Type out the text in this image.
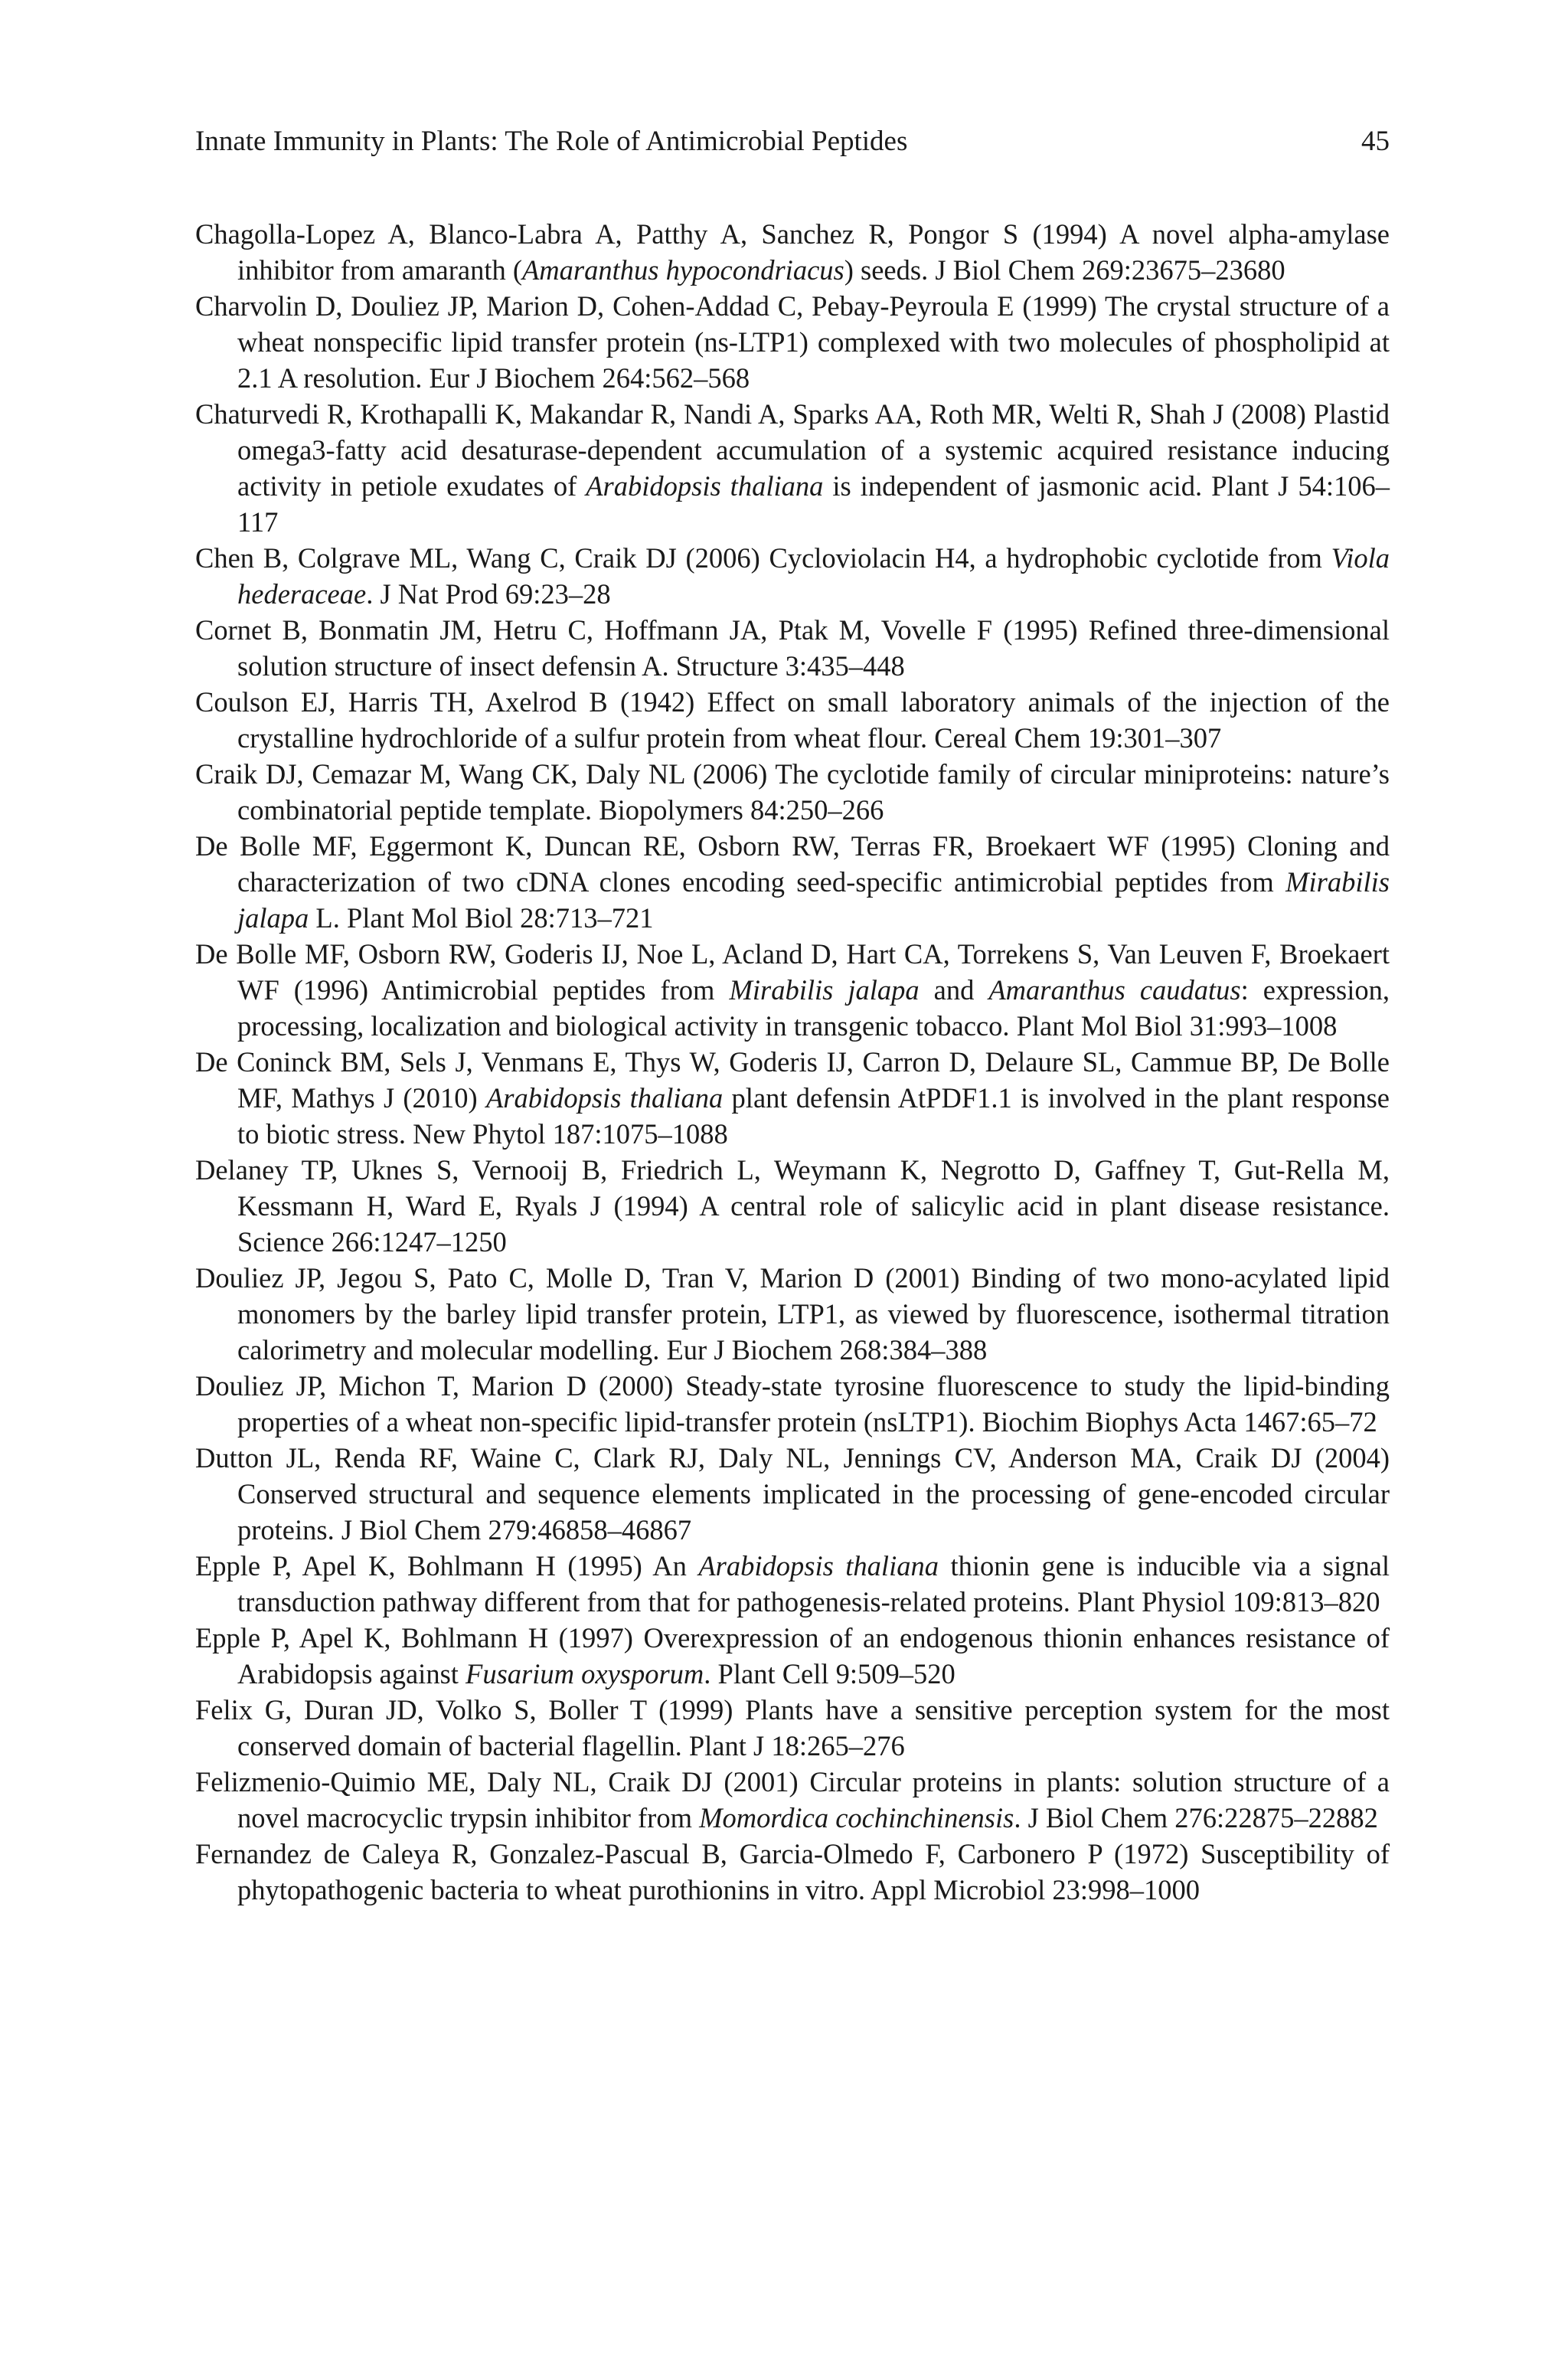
Innate Immunity in Plants: The Role of Antimicrobial Peptides	45
Chagolla-Lopez A, Blanco-Labra A, Patthy A, Sanchez R, Pongor S (1994) A novel alpha-amylase inhibitor from amaranth (Amaranthus hypocondriacus) seeds. J Biol Chem 269:23675–23680
Charvolin D, Douliez JP, Marion D, Cohen-Addad C, Pebay-Peyroula E (1999) The crystal structure of a wheat nonspecific lipid transfer protein (ns-LTP1) complexed with two molecules of phospholipid at 2.1 A resolution. Eur J Biochem 264:562–568
Chaturvedi R, Krothapalli K, Makandar R, Nandi A, Sparks AA, Roth MR, Welti R, Shah J (2008) Plastid omega3-fatty acid desaturase-dependent accumulation of a systemic acquired resistance inducing activity in petiole exudates of Arabidopsis thaliana is independent of jasmonic acid. Plant J 54:106–117
Chen B, Colgrave ML, Wang C, Craik DJ (2006) Cycloviolacin H4, a hydrophobic cyclotide from Viola hederaceae. J Nat Prod 69:23–28
Cornet B, Bonmatin JM, Hetru C, Hoffmann JA, Ptak M, Vovelle F (1995) Refined three-dimensional solution structure of insect defensin A. Structure 3:435–448
Coulson EJ, Harris TH, Axelrod B (1942) Effect on small laboratory animals of the injection of the crystalline hydrochloride of a sulfur protein from wheat flour. Cereal Chem 19:301–307
Craik DJ, Cemazar M, Wang CK, Daly NL (2006) The cyclotide family of circular miniproteins: nature’s combinatorial peptide template. Biopolymers 84:250–266
De Bolle MF, Eggermont K, Duncan RE, Osborn RW, Terras FR, Broekaert WF (1995) Cloning and characterization of two cDNA clones encoding seed-specific antimicrobial peptides from Mirabilis jalapa L. Plant Mol Biol 28:713–721
De Bolle MF, Osborn RW, Goderis IJ, Noe L, Acland D, Hart CA, Torrekens S, Van Leuven F, Broekaert WF (1996) Antimicrobial peptides from Mirabilis jalapa and Amaranthus caudatus: expression, processing, localization and biological activity in transgenic tobacco. Plant Mol Biol 31:993–1008
De Coninck BM, Sels J, Venmans E, Thys W, Goderis IJ, Carron D, Delaure SL, Cammue BP, De Bolle MF, Mathys J (2010) Arabidopsis thaliana plant defensin AtPDF1.1 is involved in the plant response to biotic stress. New Phytol 187:1075–1088
Delaney TP, Uknes S, Vernooij B, Friedrich L, Weymann K, Negrotto D, Gaffney T, Gut-Rella M, Kessmann H, Ward E, Ryals J (1994) A central role of salicylic acid in plant disease resistance. Science 266:1247–1250
Douliez JP, Jegou S, Pato C, Molle D, Tran V, Marion D (2001) Binding of two mono-acylated lipid monomers by the barley lipid transfer protein, LTP1, as viewed by fluorescence, isothermal titration calorimetry and molecular modelling. Eur J Biochem 268:384–388
Douliez JP, Michon T, Marion D (2000) Steady-state tyrosine fluorescence to study the lipid-binding properties of a wheat non-specific lipid-transfer protein (nsLTP1). Biochim Biophys Acta 1467:65–72
Dutton JL, Renda RF, Waine C, Clark RJ, Daly NL, Jennings CV, Anderson MA, Craik DJ (2004) Conserved structural and sequence elements implicated in the processing of gene-encoded circular proteins. J Biol Chem 279:46858–46867
Epple P, Apel K, Bohlmann H (1995) An Arabidopsis thaliana thionin gene is inducible via a signal transduction pathway different from that for pathogenesis-related proteins. Plant Physiol 109:813–820
Epple P, Apel K, Bohlmann H (1997) Overexpression of an endogenous thionin enhances resistance of Arabidopsis against Fusarium oxysporum. Plant Cell 9:509–520
Felix G, Duran JD, Volko S, Boller T (1999) Plants have a sensitive perception system for the most conserved domain of bacterial flagellin. Plant J 18:265–276
Felizmenio-Quimio ME, Daly NL, Craik DJ (2001) Circular proteins in plants: solution structure of a novel macrocyclic trypsin inhibitor from Momordica cochinchinensis. J Biol Chem 276:22875–22882
Fernandez de Caleya R, Gonzalez-Pascual B, Garcia-Olmedo F, Carbonero P (1972) Susceptibility of phytopathogenic bacteria to wheat purothionins in vitro. Appl Microbiol 23:998–1000
